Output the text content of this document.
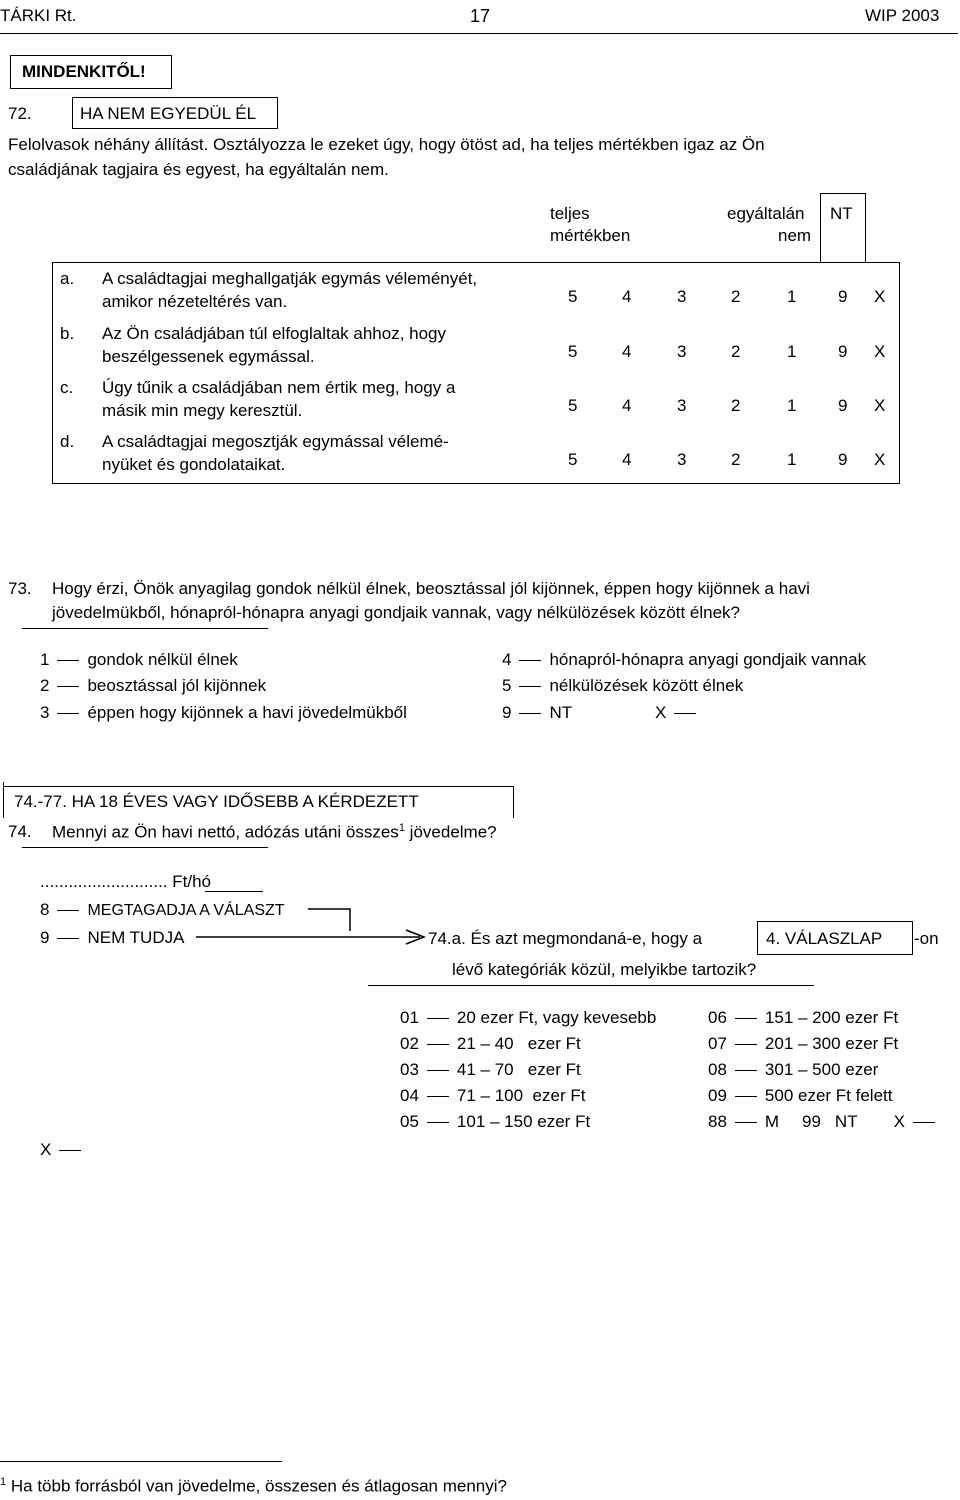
TÁRKI Rt.	17	WIP 2003
MINDENKITŐL!
72.	HA NEM EGYEDÜL ÉL
Felolvasok néhány állítást. Osztályozza le ezeket úgy, hogy ötöst ad, ha teljes mértékben igaz az Ön
családjának tagjaira és egyest, ha egyáltalán nem.
teljes
mértékben
egyáltalán
nem
NT
a. A családtagjai meghallgatják egymás véleményét,
amikor nézeteltérés van.	5	4	3	2	1 9 X
b. Az Ön családjában túl elfoglaltak ahhoz, hogy
beszélgessenek egymással.	5	4	3	2	1 9 X
c. Úgy tűnik a családjában nem értik meg, hogy a
másik min megy keresztül.	5	4	3	2	1 9 X
d. A családtagjai megosztják egymással vélemé-
nyüket és gondolataikat.	5	4	3	2	1 9 X
73. Hogy érzi, Önök anyagilag gondok nélkül élnek, beosztással jól kijönnek, éppen hogy kijönnek a havi
jövedelmükből, hónapról-hónapra anyagi gondjaik vannak, vagy nélkülözések között élnek?
1 gondok nélkül élnek
2 beosztással jól kijönnek
3 éppen hogy kijönnek a havi jövedelmükből
4 hónapról-hónapra anyagi gondjaik vannak
5 nélkülözések között élnek
9 NT	X
74.-77. HA 18 ÉVES VAGY IDŐSEBB A KÉRDEZETT
74. Mennyi az Ön havi nettó, adózás utáni összes$^1$ jövedelme?
........................... Ft/hó
8 MEGTAGADJA A VÁLASZT
9 NEM TUDJA	74.a. És azt megmondaná-e, hogy a	4. VÁLASZLAP -on
lévő kategóriák közül, melyikbe tartozik?
01 20 ezer Ft, vagy kevesebb
02 21 – 40   ezer Ft
03 41 – 70   ezer Ft
04 71 – 100  ezer Ft
05 101 – 150 ezer Ft
06 151 – 200 ezer Ft
07 201 – 300 ezer Ft
08 301 – 500 ezer
09 500 ezer Ft felett
88 M	99 NT X
X
$^1$ Ha több forrásból van jövedelme, összesen és átlagosan mennyi?
